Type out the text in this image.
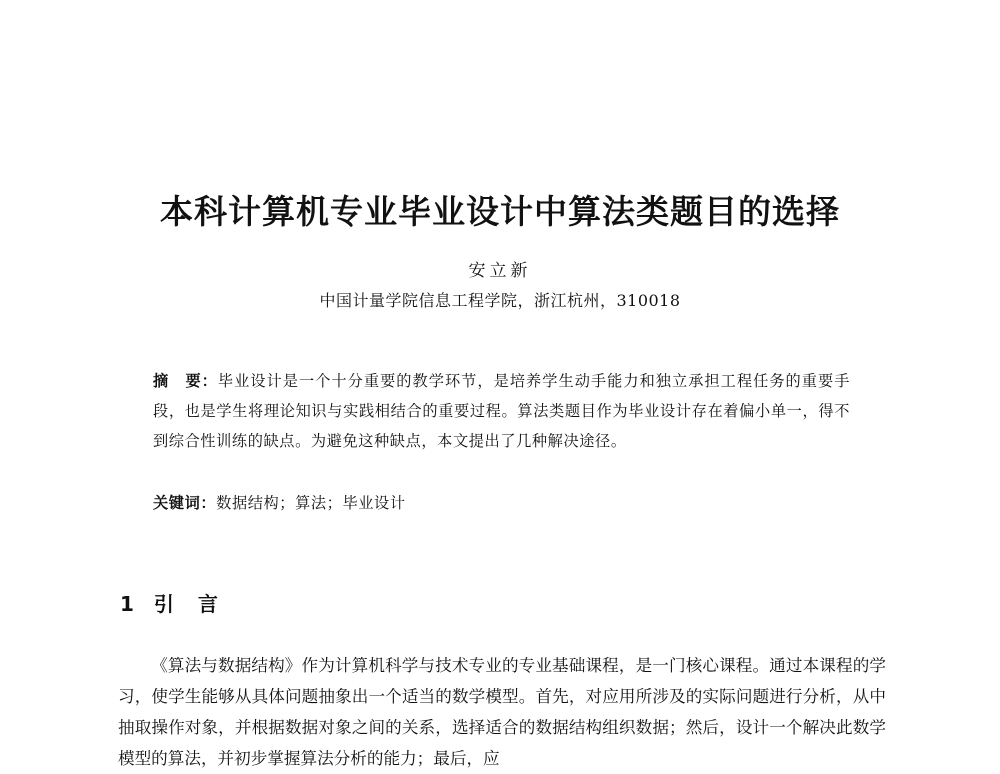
本科计算机专业毕业设计中算法类题目的选择
安立新
中国计量学院信息工程学院，浙江杭州，310018
摘　要：毕业设计是一个十分重要的教学环节，是培养学生动手能力和独立承担工程任务的重要手段，也是学生将理论知识与实践相结合的重要过程。算法类题目作为毕业设计存在着偏小单一，得不到综合性训练的缺点。为避免这种缺点，本文提出了几种解决途径。
关键词：数据结构；算法；毕业设计
1 引言
《算法与数据结构》作为计算机科学与技术专业的专业基础课程，是一门核心课程。通过本课程的学习，使学生能够从具体问题抽象出一个适当的数学模型。首先，对应用所涉及的实际问题进行分析，从中抽取操作对象，并根据数据对象之间的关系，选择适合的数据结构组织数据；然后，设计一个解决此数学模型的算法，并初步掌握算法分析的能力；最后，应
